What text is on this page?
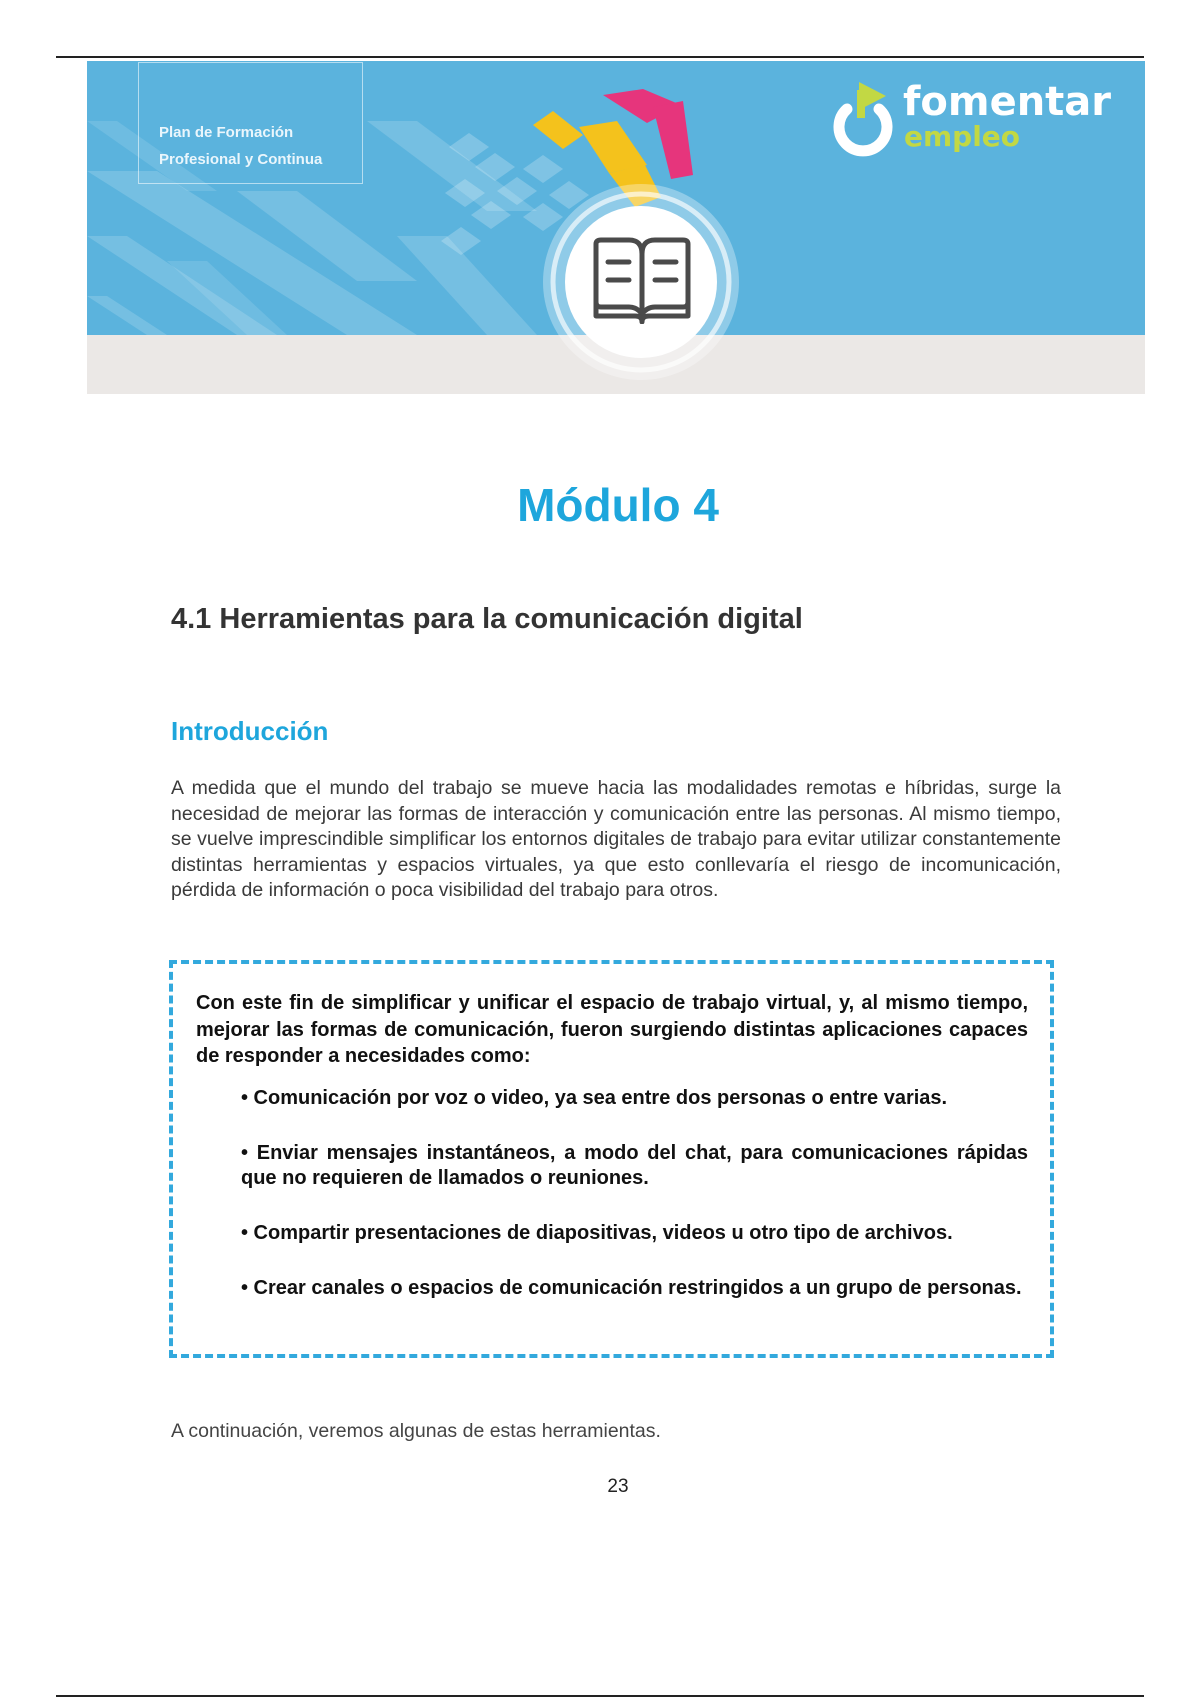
Plan de Formación
Profesional y Continua
fomentar
empleo
Módulo 4
4.1 Herramientas para la comunicación digital
Introducción

A medida que el mundo del trabajo se mueve hacia las modalidades remotas e híbridas, surge la necesidad de mejorar las formas de interacción y comunicación entre las personas. Al mismo tiempo, se vuelve imprescindible simplificar los entornos digitales de trabajo para evitar utilizar constantemente distintas herramientas y espacios virtuales, ya que esto conllevaría el riesgo de incomunicación, pérdida de información o poca visibilidad del trabajo para otros.

Con este fin de simplificar y unificar el espacio de trabajo virtual, y, al mismo tiempo, mejorar las formas de comunicación, fueron surgiendo distintas aplicaciones capaces de responder a necesidades como:

• Comunicación por voz o video, ya sea entre dos personas o entre varias.
• Enviar mensajes instantáneos, a modo del chat, para comunicaciones rápidas que no requieren de llamados o reuniones.
• Compartir presentaciones de diapositivas, videos u otro tipo de archivos.
• Crear canales o espacios de comunicación restringidos a un grupo de personas.

A continuación, veremos algunas de estas herramientas.

23
